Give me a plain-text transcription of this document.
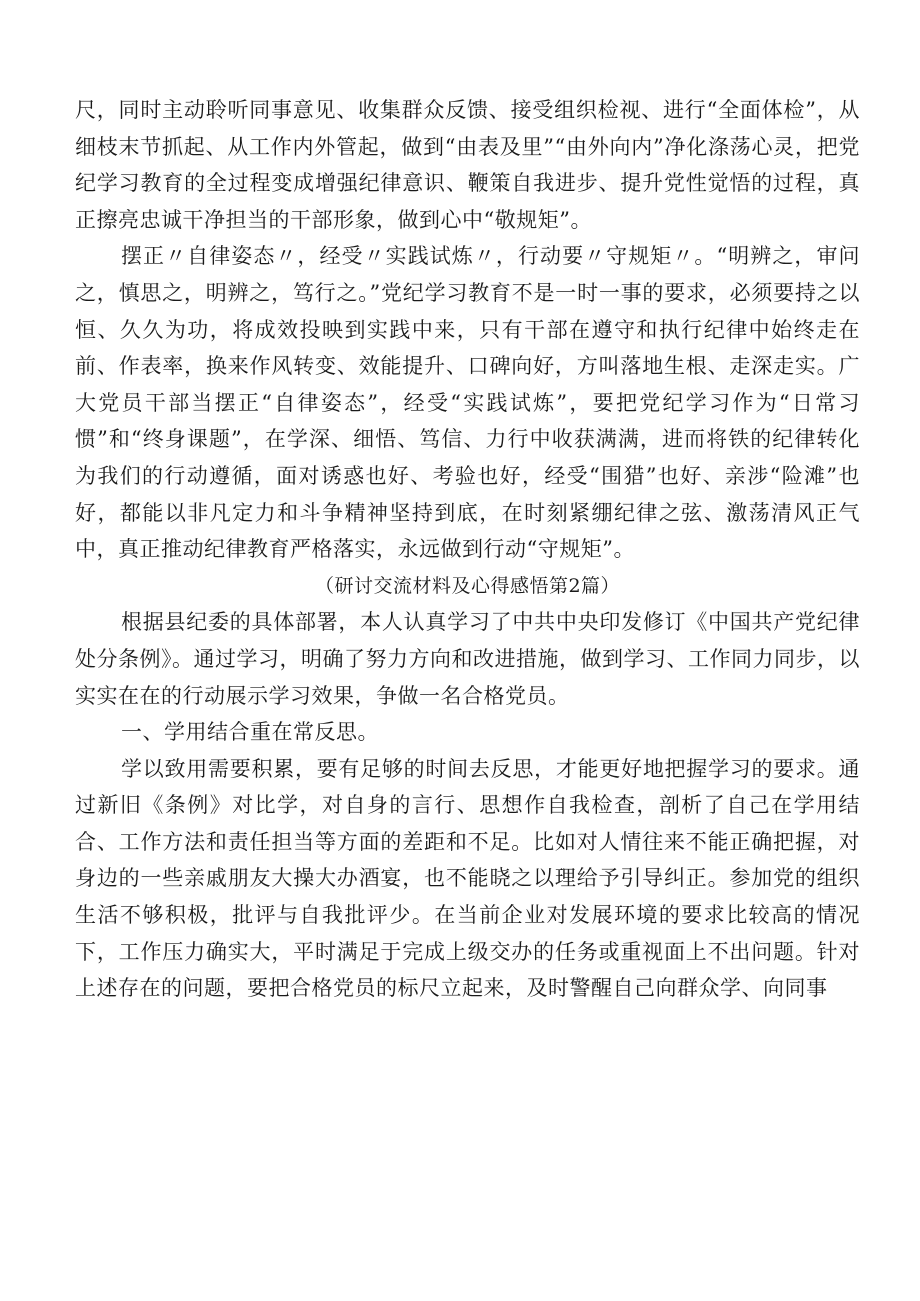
尺，同时主动聆听同事意见、收集群众反馈、接受组织检视、进行“全面体检”，从细枝末节抓起、从工作内外管起，做到“由表及里”“由外向内”净化涤荡心灵，把党纪学习教育的全过程变成增强纪律意识、鞭策自我进步、提升党性觉悟的过程，真正擦亮忠诚干净担当的干部形象，做到心中“敬规矩”。

摆正〃自律姿态〃，经受〃实践试炼〃，行动要〃守规矩〃。“明辨之，审问之，慎思之，明辨之，笃行之。”党纪学习教育不是一时一事的要求，必须要持之以恒、久久为功，将成效投映到实践中来，只有干部在遵守和执行纪律中始终走在前、作表率，换来作风转变、效能提升、口碑向好，方叫落地生根、走深走实。广大党员干部当摆正“自律姿态”，经受“实践试炼”，要把党纪学习作为“日常习惯”和“终身课题”，在学深、细悟、笃信、力行中收获满满，进而将铁的纪律转化为我们的行动遵循，面对诱惑也好、考验也好，经受“围猎”也好、亲涉“险滩”也好，都能以非凡定力和斗争精神坚持到底，在时刻紧绷纪律之弦、激荡清风正气中，真正推动纪律教育严格落实，永远做到行动“守规矩”。

（研讨交流材料及心得感悟第2篇）

根据县纪委的具体部署，本人认真学习了中共中央印发修订《中国共产党纪律处分条例》。通过学习，明确了努力方向和改进措施，做到学习、工作同力同步，以实实在在的行动展示学习效果，争做一名合格党员。

一、学用结合重在常反思。

学以致用需要积累，要有足够的时间去反思，才能更好地把握学习的要求。通过新旧《条例》对比学，对自身的言行、思想作自我检查，剖析了自己在学用结合、工作方法和责任担当等方面的差距和不足。比如对人情往来不能正确把握，对身边的一些亲戚朋友大操大办酒宴，也不能晓之以理给予引导纠正。参加党的组织生活不够积极，批评与自我批评少。在当前企业对发展环境的要求比较高的情况下，工作压力确实大，平时满足于完成上级交办的任务或重视面上不出问题。针对上述存在的问题，要把合格党员的标尺立起来，及时警醒自己向群众学、向同事
